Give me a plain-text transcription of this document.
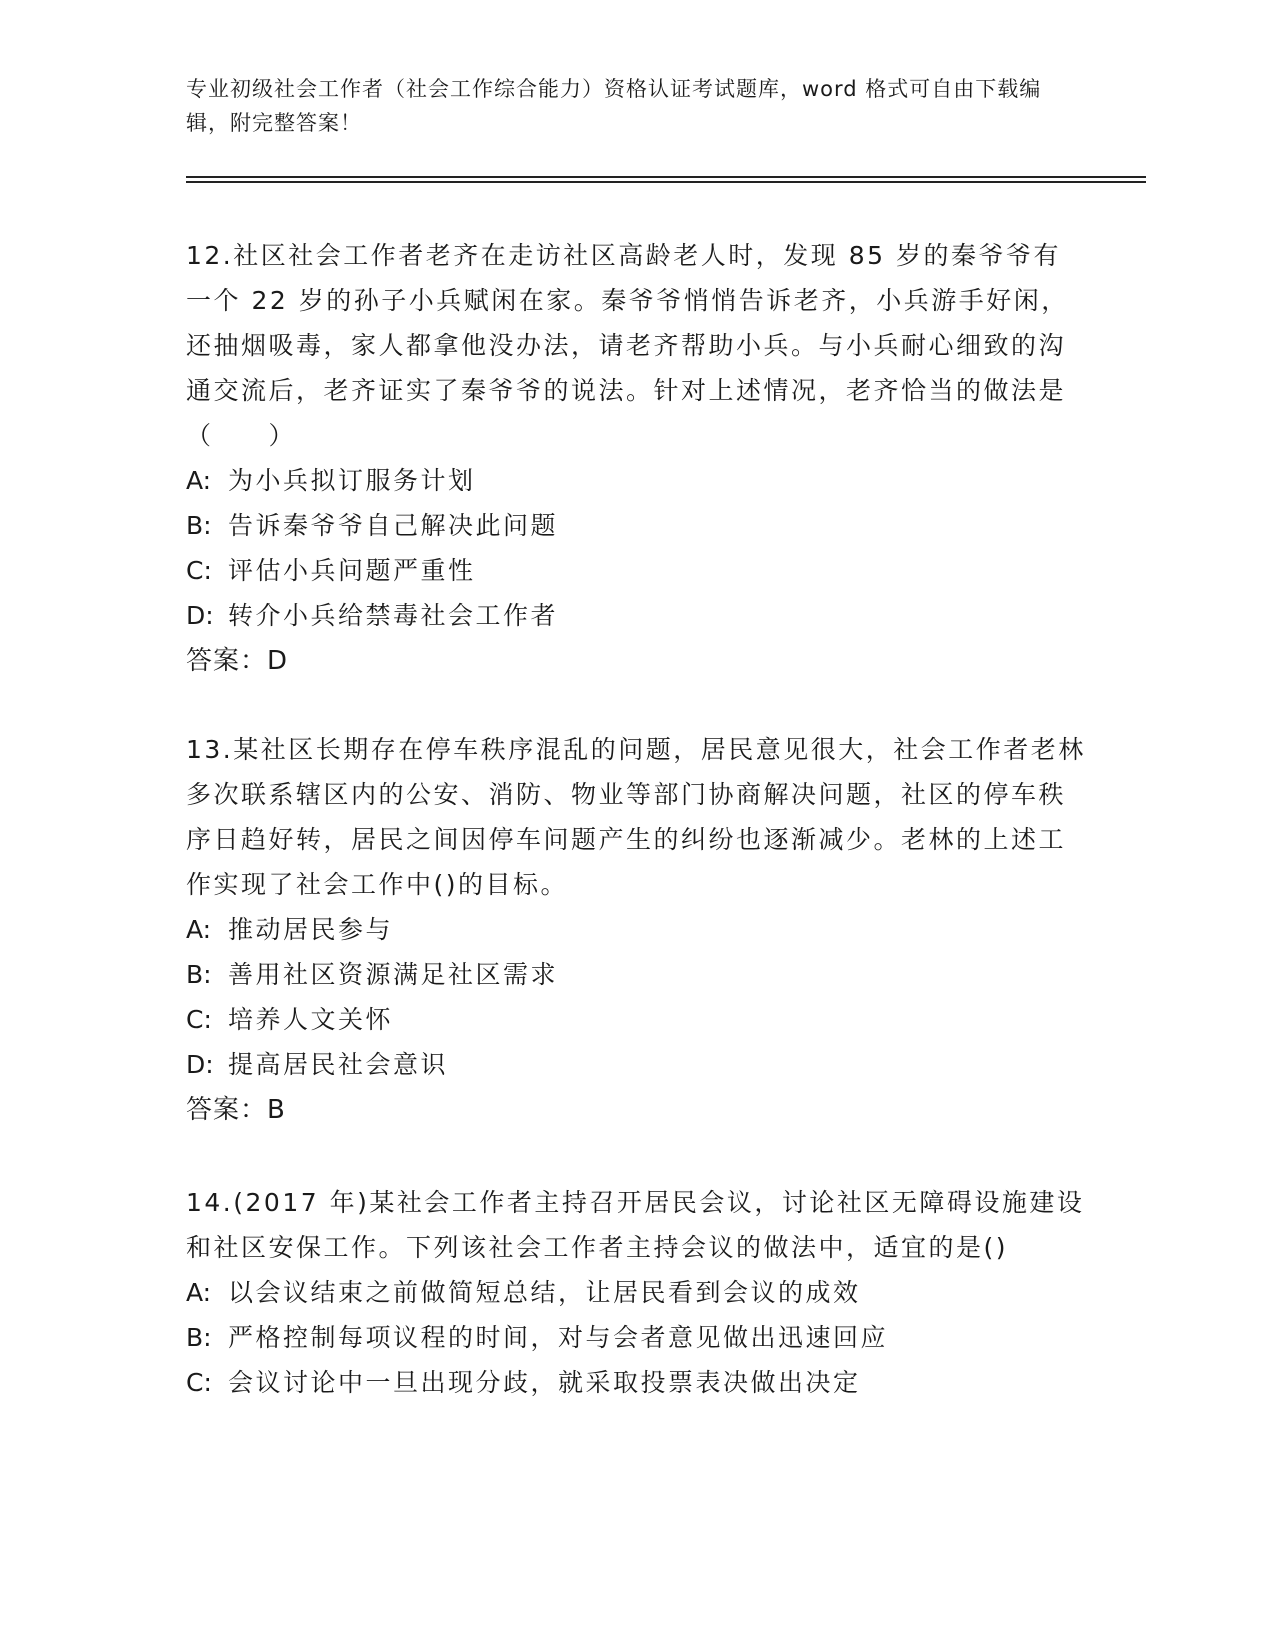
专业初级社会工作者（社会工作综合能力）资格认证考试题库，word 格式可自由下载编辑，附完整答案！
12.社区社会工作者老齐在走访社区高龄老人时，发现 85 岁的秦爷爷有一个 22 岁的孙子小兵赋闲在家。秦爷爷悄悄告诉老齐，小兵游手好闲，还抽烟吸毒，家人都拿他没办法，请老齐帮助小兵。与小兵耐心细致的沟通交流后，老齐证实了秦爷爷的说法。针对上述情况，老齐恰当的做法是（　　）
A: 为小兵拟订服务计划
B: 告诉秦爷爷自己解决此问题
C: 评估小兵问题严重性
D: 转介小兵给禁毒社会工作者
答案：D
13.某社区长期存在停车秩序混乱的问题，居民意见很大，社会工作者老林多次联系辖区内的公安、消防、物业等部门协商解决问题，社区的停车秩序日趋好转，居民之间因停车问题产生的纠纷也逐渐减少。老林的上述工作实现了社会工作中()的目标。
A: 推动居民参与
B: 善用社区资源满足社区需求
C: 培养人文关怀
D: 提高居民社会意识
答案：B
14.(2017 年)某社会工作者主持召开居民会议，讨论社区无障碍设施建设和社区安保工作。下列该社会工作者主持会议的做法中，适宜的是()
A: 以会议结束之前做简短总结，让居民看到会议的成效
B: 严格控制每项议程的时间，对与会者意见做出迅速回应
C: 会议讨论中一旦出现分歧，就采取投票表决做出决定
